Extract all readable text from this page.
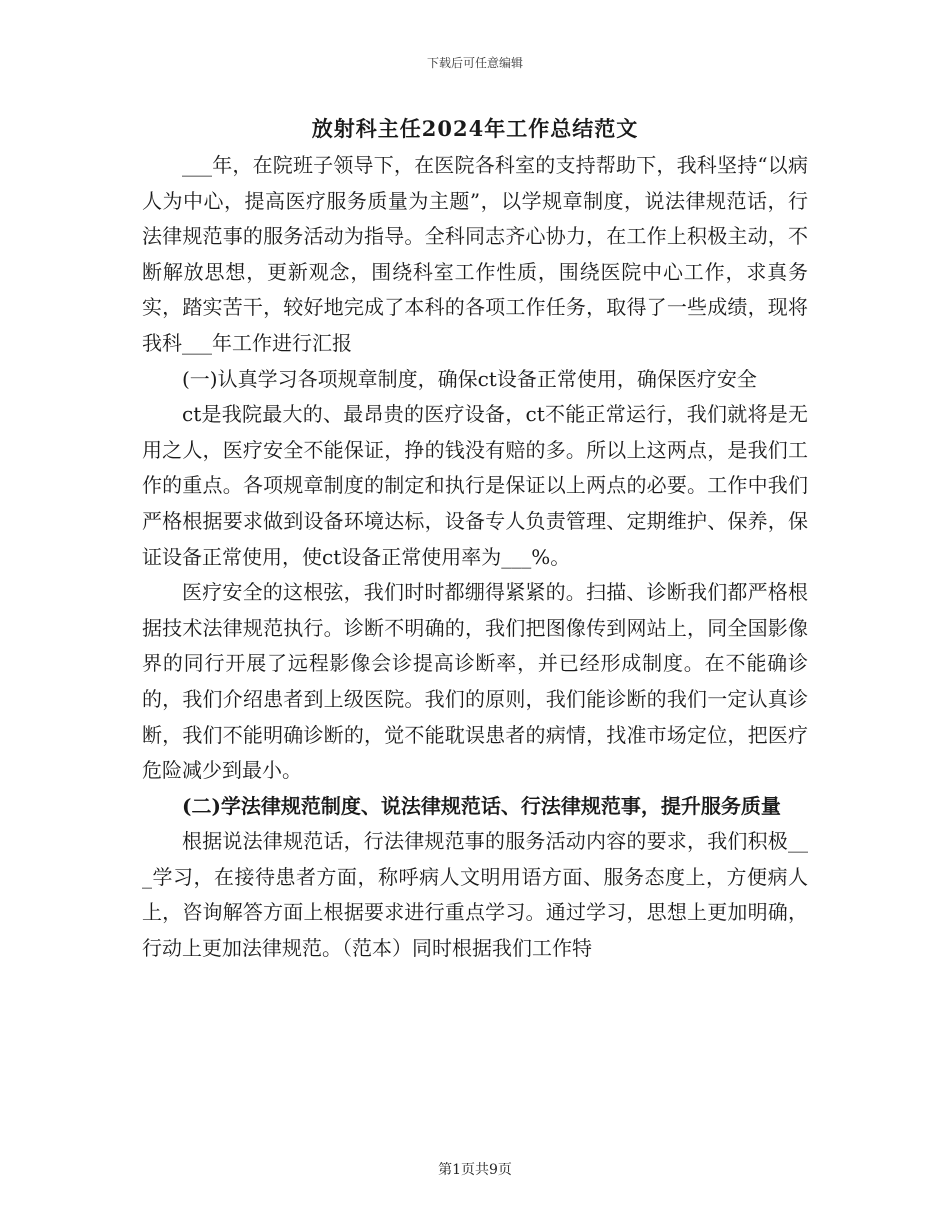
下载后可任意编辑
放射科主任2024年工作总结范文

___年，在院班子领导下，在医院各科室的支持帮助下，我科坚持“以病人为中心，提高医疗服务质量为主题”，以学规章制度，说法律规范话，行法律规范事的服务活动为指导。全科同志齐心协力，在工作上积极主动，不断解放思想，更新观念，围绕科室工作性质，围绕医院中心工作，求真务实，踏实苦干，较好地完成了本科的各项工作任务，取得了一些成绩，现将我科___年工作进行汇报

(一)认真学习各项规章制度，确保ct设备正常使用，确保医疗安全

ct是我院最大的、最昂贵的医疗设备，ct不能正常运行，我们就将是无用之人，医疗安全不能保证，挣的钱没有赔的多。所以上这两点，是我们工作的重点。各项规章制度的制定和执行是保证以上两点的必要。工作中我们严格根据要求做到设备环境达标，设备专人负责管理、定期维护、保养，保证设备正常使用，使ct设备正常使用率为___%。

医疗安全的这根弦，我们时时都绷得紧紧的。扫描、诊断我们都严格根据技术法律规范执行。诊断不明确的，我们把图像传到网站上，同全国影像界的同行开展了远程影像会诊提高诊断率，并已经形成制度。在不能确诊的，我们介绍患者到上级医院。我们的原则，我们能诊断的我们一定认真诊断，我们不能明确诊断的，觉不能耽误患者的病情，找准市场定位，把医疗危险减少到最小。

(二)学法律规范制度、说法律规范话、行法律规范事，提升服务质量

根据说法律规范话，行法律规范事的服务活动内容的要求，我们积极___学习，在接待患者方面，称呼病人文明用语方面、服务态度上，方便病人上，咨询解答方面上根据要求进行重点学习。通过学习，思想上更加明确，行动上更加法律规范。（范本）同时根据我们工作特

第1页共9页
